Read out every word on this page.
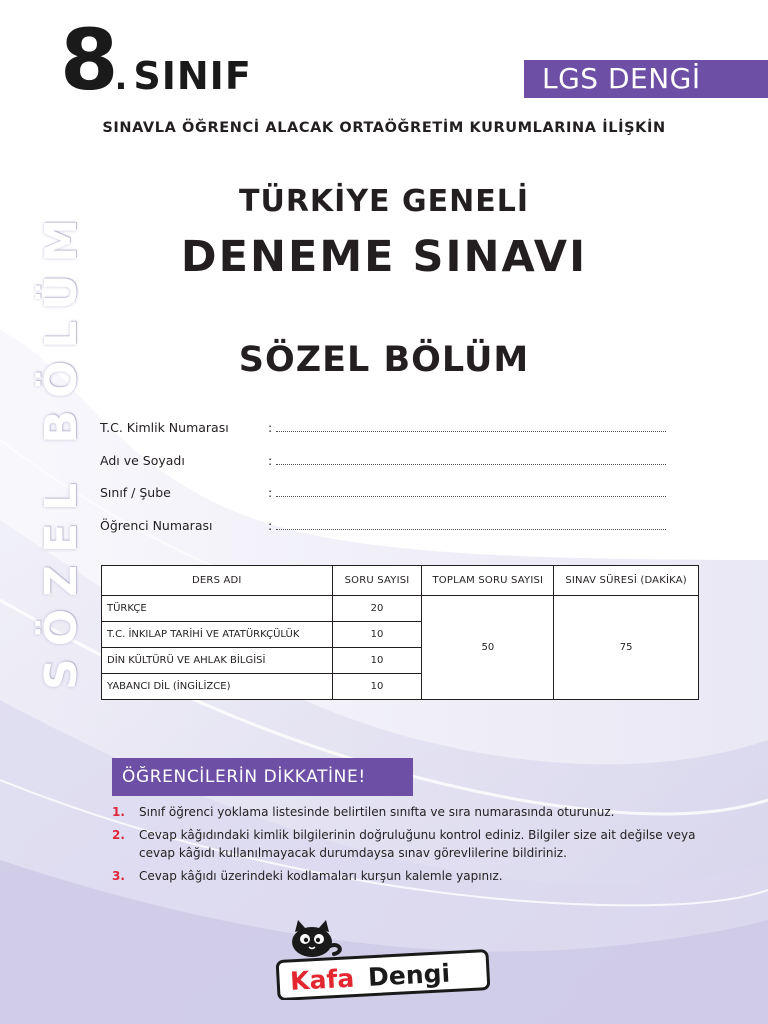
8
. SINIF	LGS DENGİ
SINAVLA ÖĞRENCİ ALACAK ORTAÖĞRETİM KURUMLARINA İLİŞKİN
TÜRKİYE GENELİ
DENEME SINAVI
SÖZEL BÖLÜM
SÖZEL BÖLÜM T.C. Kimlik Numarası	:
Adı ve Soyadı	:
Sınıf / Şube	:
Öğrenci Numarası	:
DERS ADI	SORU SAYISI	TOPLAM SORU SAYISI	SINAV SÜRESİ (DAKİKA)
TÜRKÇE	20	50	75
T.C. İNKILAP TARİHİ VE ATATÜRKÇÜLÜK	10		
DİN KÜLTÜRÜ VE AHLAK BİLGİSİ	10		
YABANCI DİL (İNGİLİZCE)	10		
ÖĞRENCİLERİN DİKKATİNE!
1.	Sınıf öğrenci yoklama listesinde belirtilen sınıfta ve sıra numarasında oturunuz.
2.	Cevap kâğıdındaki kimlik bilgilerinin doğruluğunu kontrol ediniz. Bilgiler size ait değilse veya cevap kâğıdı kullanılmayacak durumdaysa sınav görevlilerine bildiriniz.
3.	Cevap kâğıdı üzerindeki kodlamaları kurşun kalemle yapınız.
Kafa Dengi
